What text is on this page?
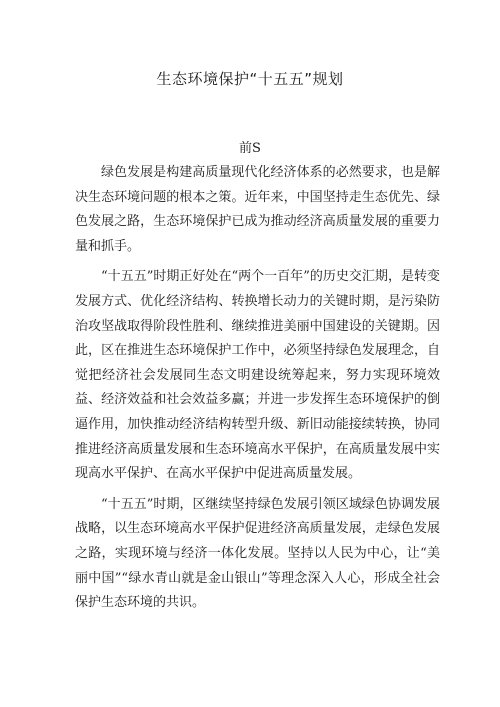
生态环境保护“十五五”规划
前S

绿色发展是构建高质量现代化经济体系的必然要求，也是解决生态环境问题的根本之策。近年来，中国坚持走生态优先、绿色发展之路，生态环境保护已成为推动经济高质量发展的重要力量和抓手。

“十五五”时期正好处在“两个一百年”的历史交汇期，是转变发展方式、优化经济结构、转换增长动力的关键时期，是污染防治攻坚战取得阶段性胜利、继续推进美丽中国建设的关键期。因此，区在推进生态环境保护工作中，必须坚持绿色发展理念，自觉把经济社会发展同生态文明建设统筹起来，努力实现环境效益、经济效益和社会效益多赢；并进一步发挥生态环境保护的倒逼作用，加快推动经济结构转型升级、新旧动能接续转换，协同推进经济高质量发展和生态环境高水平保护，在高质量发展中实现高水平保护、在高水平保护中促进高质量发展。

“十五五”时期，区继续坚持绿色发展引领区域绿色协调发展战略，以生态环境高水平保护促进经济高质量发展，走绿色发展之路，实现环境与经济一体化发展。坚持以人民为中心，让“美丽中国”“绿水青山就是金山银山”等理念深入人心，形成全社会保护生态环境的共识。
